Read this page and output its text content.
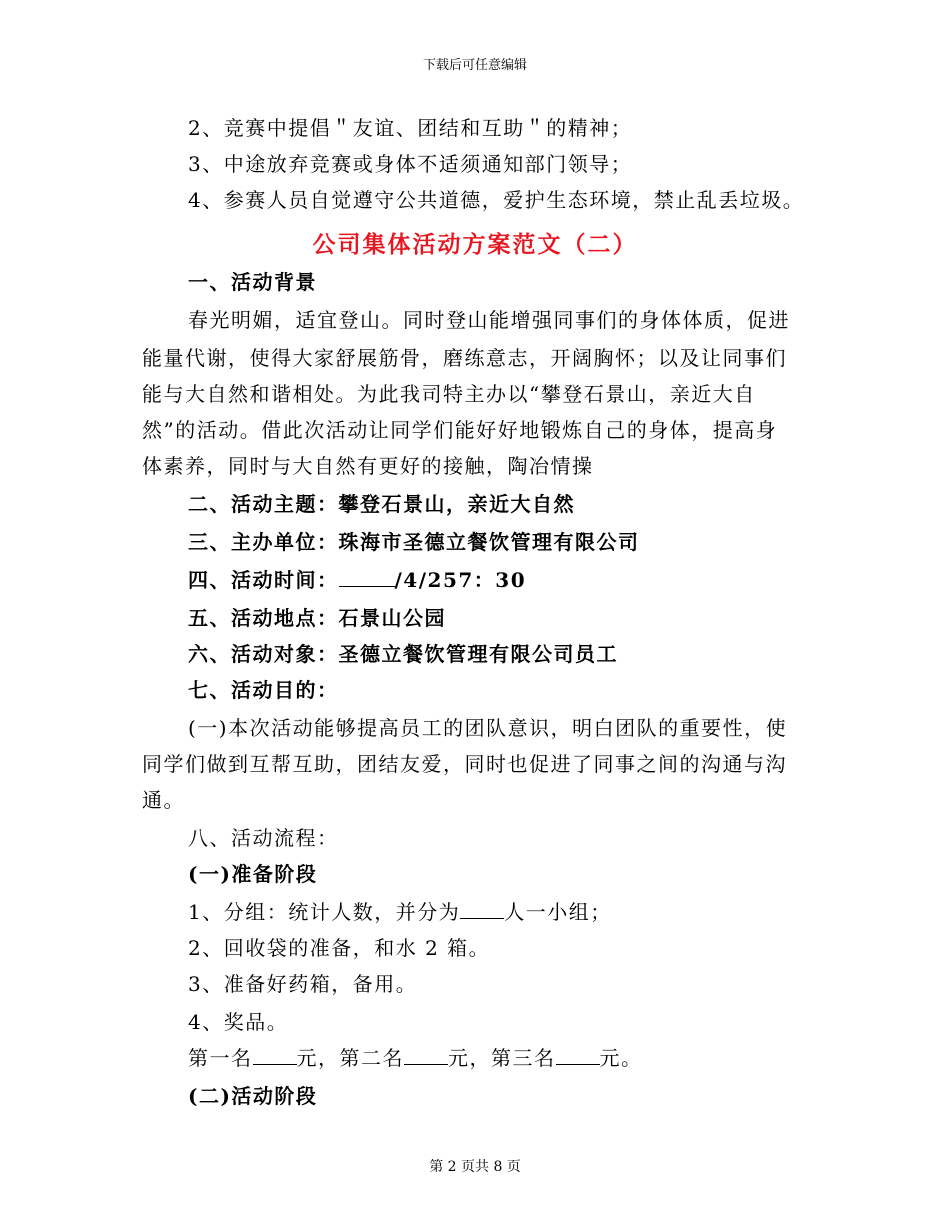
下载后可任意编辑
2、竞赛中提倡＂友谊、团结和互助＂的精神；
3、中途放弃竞赛或身体不适须通知部门领导；
4、参赛人员自觉遵守公共道德，爱护生态环境，禁止乱丢垃圾。
公司集体活动方案范文（二）
一、活动背景
春光明媚，适宜登山。同时登山能增强同事们的身体体质，促进
能量代谢，使得大家舒展筋骨，磨练意志，开阔胸怀；以及让同事们
能与大自然和谐相处。为此我司特主办以“攀登石景山，亲近大自
然”的活动。借此次活动让同学们能好好地锻炼自己的身体，提高身
体素养，同时与大自然有更好的接触，陶冶情操
二、活动主题：攀登石景山，亲近大自然
三、主办单位：珠海市圣德立餐饮管理有限公司
四、活动时间：	/4/257：30
五、活动地点：石景山公园
六、活动对象：圣德立餐饮管理有限公司员工
七、活动目的：
(一)本次活动能够提高员工的团队意识，明白团队的重要性，使
同学们做到互帮互助，团结友爱，同时也促进了同事之间的沟通与沟
通。
八、活动流程：
(一)准备阶段
1、分组：统计人数，并分为 人一小组；
2、回收袋的准备，和水 2 箱。
3、准备好药箱，备用。
4、奖品。
第一名 元，第二名 元，第三名 元。
(二)活动阶段
第 2 页共 8 页
